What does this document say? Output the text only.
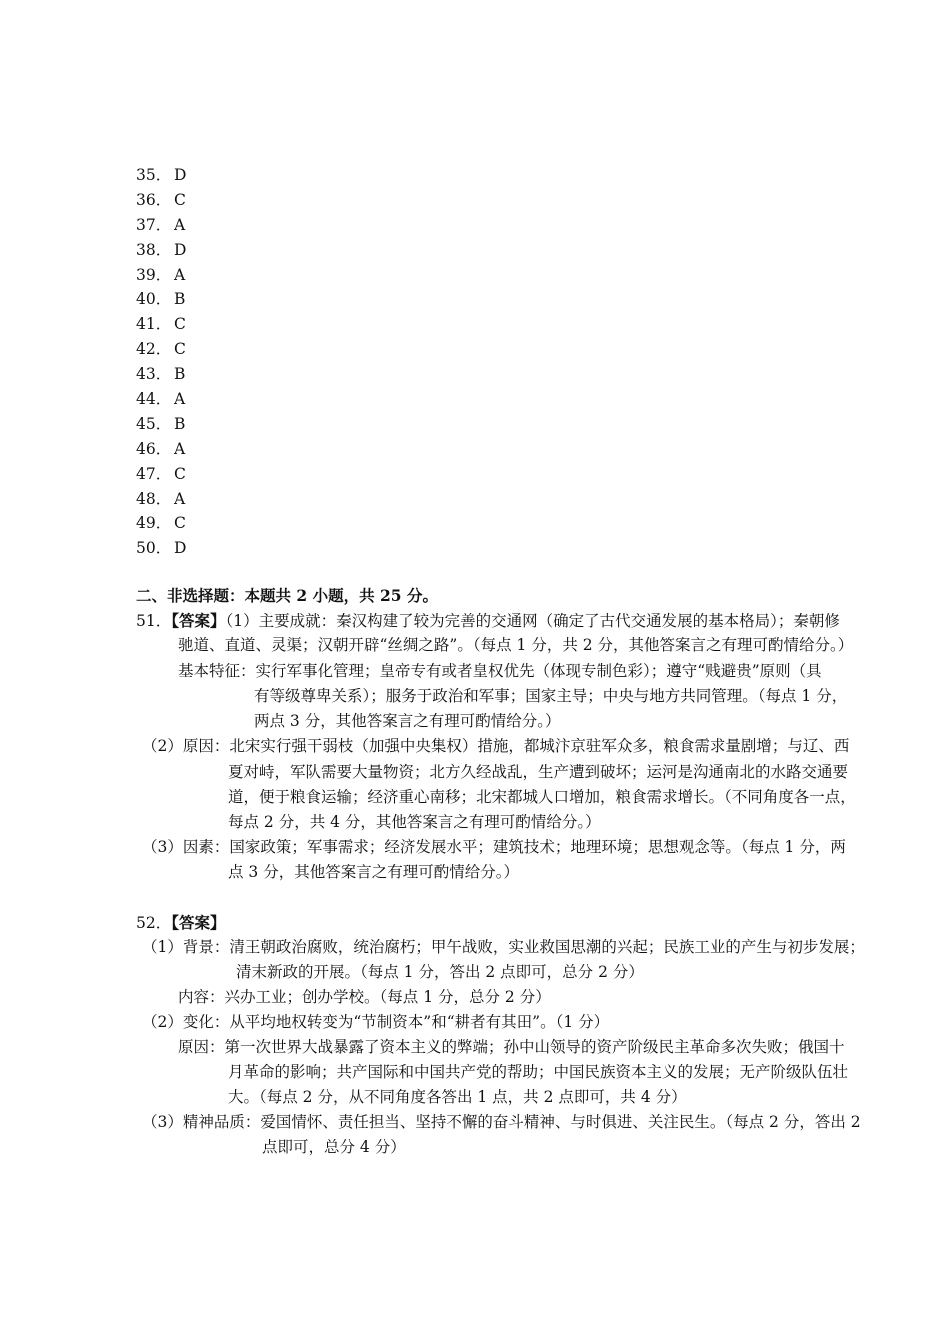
35． D
36． C
37． A
38． D
39． A
40． B
41． C
42． C
43． B
44． A
45． B
46． A
47． C
48． A
49． C
50． D
二、非选择题：本题共 2 小题，共 25 分。
51．【答案】（1）主要成就：秦汉构建了较为完善的交通网（确定了古代交通发展的基本格局）；秦朝修
驰道、直道、灵渠；汉朝开辟“丝绸之路”。（每点 1 分，共 2 分，其他答案言之有理可酌情给分。）
基本特征：实行军事化管理；皇帝专有或者皇权优先（体现专制色彩）；遵守“贱避贵”原则（具
有等级尊卑关系）；服务于政治和军事；国家主导；中央与地方共同管理。（每点 1 分，
两点 3 分，其他答案言之有理可酌情给分。）
（2）原因：北宋实行强干弱枝（加强中央集权）措施，都城汴京驻军众多，粮食需求量剧增；与辽、西
夏对峙，军队需要大量物资；北方久经战乱，生产遭到破坏；运河是沟通南北的水路交通要
道，便于粮食运输；经济重心南移；北宋都城人口增加，粮食需求增长。（不同角度各一点，
每点 2 分，共 4 分，其他答案言之有理可酌情给分。）
（3）因素：国家政策；军事需求；经济发展水平；建筑技术；地理环境；思想观念等。（每点 1 分，两
点 3 分，其他答案言之有理可酌情给分。）
52．【答案】
（1）背景：清王朝政治腐败，统治腐朽；甲午战败，实业救国思潮的兴起；民族工业的产生与初步发展；
清末新政的开展。（每点 1 分，答出 2 点即可，总分 2 分）
内容：兴办工业；创办学校。（每点 1 分，总分 2 分）
（2）变化：从平均地权转变为“节制资本”和“耕者有其田”。（1 分）
原因：第一次世界大战暴露了资本主义的弊端；孙中山领导的资产阶级民主革命多次失败；俄国十
月革命的影响；共产国际和中国共产党的帮助；中国民族资本主义的发展；无产阶级队伍壮
大。（每点 2 分，从不同角度各答出 1 点，共 2 点即可，共 4 分）
（3）精神品质：爱国情怀、责任担当、坚持不懈的奋斗精神、与时俱进、关注民生。（每点 2 分，答出 2
点即可，总分 4 分）
